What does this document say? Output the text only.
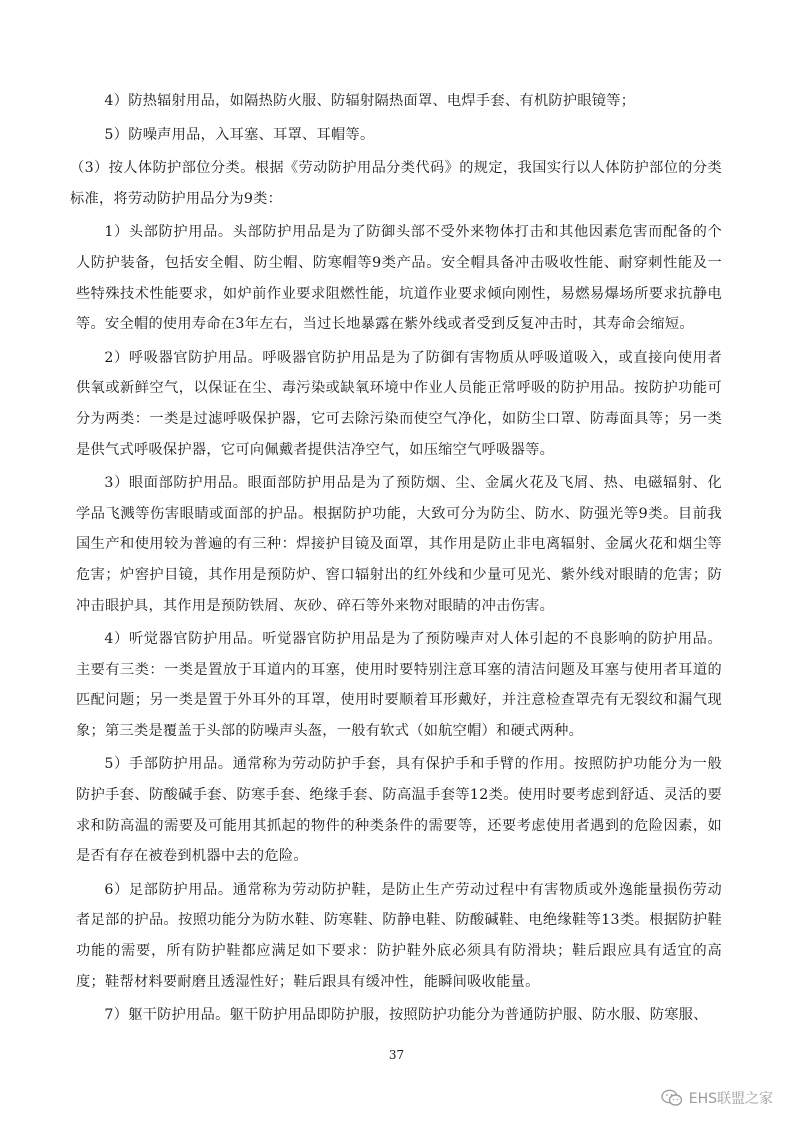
4）防热辐射用品，如隔热防火服、防辐射隔热面罩、电焊手套、有机防护眼镜等；

5）防噪声用品，入耳塞、耳罩、耳帽等。

（3）按人体防护部位分类。根据《劳动防护用品分类代码》的规定，我国实行以人体防护部位的分类标准，将劳动防护用品分为9类：

1）头部防护用品。头部防护用品是为了防御头部不受外来物体打击和其他因素危害而配备的个人防护装备，包括安全帽、防尘帽、防寒帽等9类产品。安全帽具备冲击吸收性能、耐穿刺性能及一些特殊技术性能要求，如炉前作业要求阻燃性能，坑道作业要求倾向刚性，易燃易爆场所要求抗静电等。安全帽的使用寿命在3年左右，当过长地暴露在紫外线或者受到反复冲击时，其寿命会缩短。

2）呼吸器官防护用品。呼吸器官防护用品是为了防御有害物质从呼吸道吸入，或直接向使用者供氧或新鲜空气，以保证在尘、毒污染或缺氧环境中作业人员能正常呼吸的防护用品。按防护功能可分为两类：一类是过滤呼吸保护器，它可去除污染而使空气净化，如防尘口罩、防毒面具等；另一类是供气式呼吸保护器，它可向佩戴者提供洁净空气，如压缩空气呼吸器等。

3）眼面部防护用品。眼面部防护用品是为了预防烟、尘、金属火花及飞屑、热、电磁辐射、化学品飞溅等伤害眼睛或面部的护品。根据防护功能，大致可分为防尘、防水、防强光等9类。目前我国生产和使用较为普遍的有三种：焊接护目镜及面罩，其作用是防止非电离辐射、金属火花和烟尘等危害；炉窖护目镜，其作用是预防炉、窖口辐射出的红外线和少量可见光、紫外线对眼睛的危害；防冲击眼护具，其作用是预防铁屑、灰砂、碎石等外来物对眼睛的冲击伤害。

4）听觉器官防护用品。听觉器官防护用品是为了预防噪声对人体引起的不良影响的防护用品。主要有三类：一类是置放于耳道内的耳塞，使用时要特别注意耳塞的清洁问题及耳塞与使用者耳道的匹配问题；另一类是置于外耳外的耳罩，使用时要顺着耳形戴好，并注意检查罩壳有无裂纹和漏气现象；第三类是覆盖于头部的防噪声头盔，一般有软式（如航空帽）和硬式两种。

5）手部防护用品。通常称为劳动防护手套，具有保护手和手臂的作用。按照防护功能分为一般防护手套、防酸碱手套、防寒手套、绝缘手套、防高温手套等12类。使用时要考虑到舒适、灵活的要求和防高温的需要及可能用其抓起的物件的种类条件的需要等，还要考虑使用者遇到的危险因素，如是否有存在被卷到机器中去的危险。

6）足部防护用品。通常称为劳动防护鞋，是防止生产劳动过程中有害物质或外逸能量损伤劳动者足部的护品。按照功能分为防水鞋、防寒鞋、防静电鞋、防酸碱鞋、电绝缘鞋等13类。根据防护鞋功能的需要，所有防护鞋都应满足如下要求：防护鞋外底必须具有防滑块；鞋后跟应具有适宜的高度；鞋帮材料要耐磨且透湿性好；鞋后跟具有缓冲性，能瞬间吸收能量。

7）躯干防护用品。躯干防护用品即防护服，按照防护功能分为普通防护服、防水服、防寒服、

37
EHS联盟之家
